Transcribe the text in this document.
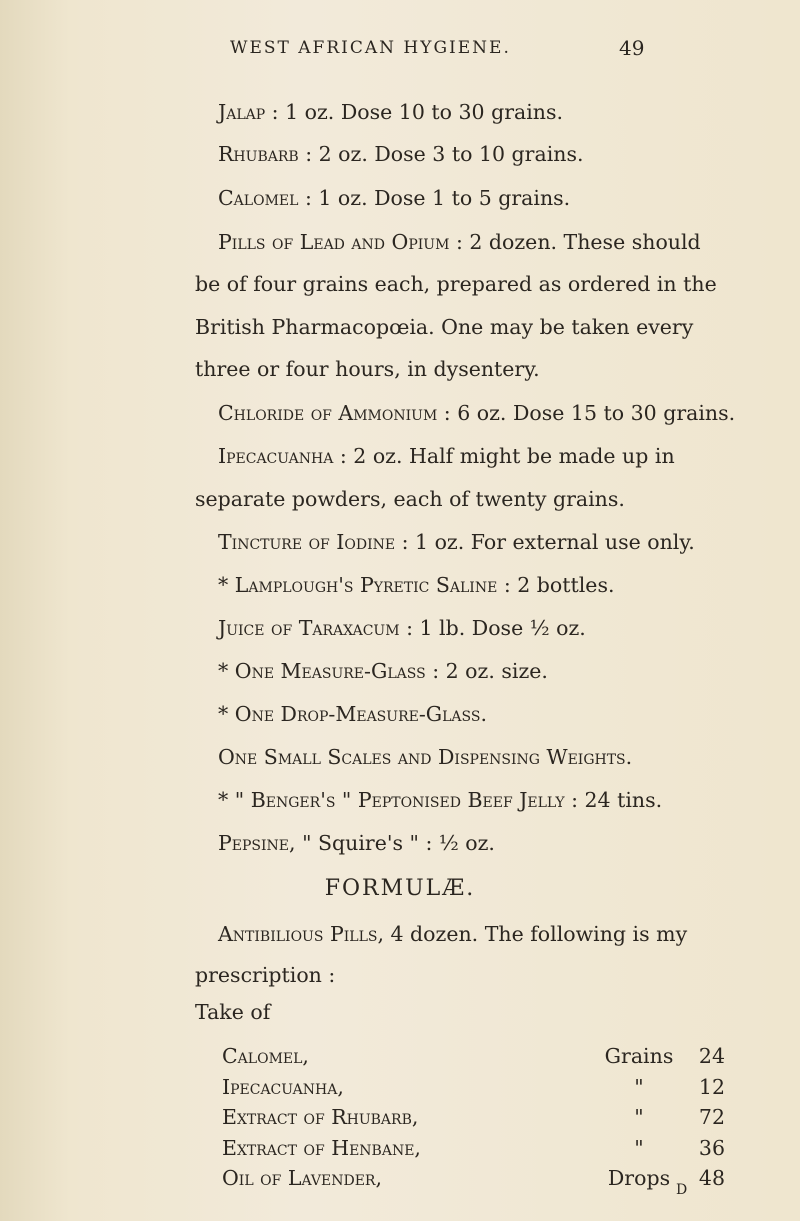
WEST AFRICAN HYGIENE.	49
Jalap : 1 oz. Dose 10 to 30 grains.
Rhubarb : 2 oz. Dose 3 to 10 grains.
Calomel : 1 oz. Dose 1 to 5 grains.
Pills of Lead and Opium : 2 dozen. These should
be of four grains each, prepared as ordered in the
British Pharmacopœia. One may be taken every
three or four hours, in dysentery.
Chloride of Ammonium : 6 oz. Dose 15 to 30 grains.
Ipecacuanha : 2 oz. Half might be made up in
separate powders, each of twenty grains.
Tincture of Iodine : 1 oz. For external use only.
* Lamplough's Pyretic Saline : 2 bottles.
Juice of Taraxacum : 1 lb. Dose ½ oz.
* One Measure-Glass : 2 oz. size.
* One Drop-Measure-Glass.
One Small Scales and Dispensing Weights.
* " Benger's " Peptonised Beef Jelly : 24 tins.
Pepsine, " Squire's " : ½ oz.
FORMULÆ.
Antibilious Pills, 4 dozen. The following is my
prescription :
Take of
Calomel,	Grains	24
Ipecacuanha,	"	12
Extract of Rhubarb,	"	72
Extract of Henbane,	"	36
Oil of Lavender,	Drops	48
D
